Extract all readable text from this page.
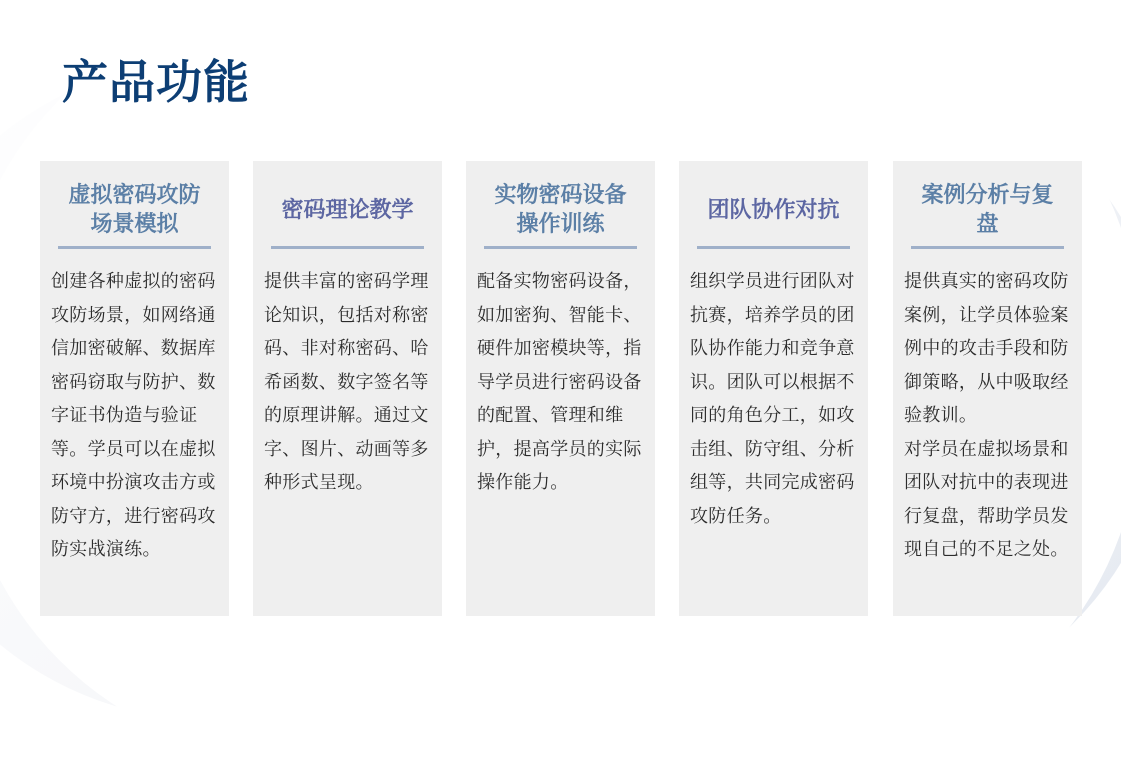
产品功能
虚拟密码攻防场景模拟

创建各种虚拟的密码攻防场景，如网络通信加密破解、数据库密码窃取与防护、数字证书伪造与验证等。学员可以在虚拟环境中扮演攻击方或防守方，进行密码攻防实战演练。

密码理论教学

提供丰富的密码学理论知识，包括对称密码、非对称密码、哈希函数、数字签名等的原理讲解。通过文字、图片、动画等多种形式呈现。

实物密码设备操作训练

配备实物密码设备，如加密狗、智能卡、硬件加密模块等，指导学员进行密码设备的配置、管理和维护，提高学员的实际操作能力。

团队协作对抗

组织学员进行团队对抗赛，培养学员的团队协作能力和竞争意识。团队可以根据不同的角色分工，如攻击组、防守组、分析组等，共同完成密码攻防任务。

案例分析与复盘

提供真实的密码攻防案例，让学员体验案例中的攻击手段和防御策略，从中吸取经验教训。

对学员在虚拟场景和团队对抗中的表现进行复盘，帮助学员发现自己的不足之处。
